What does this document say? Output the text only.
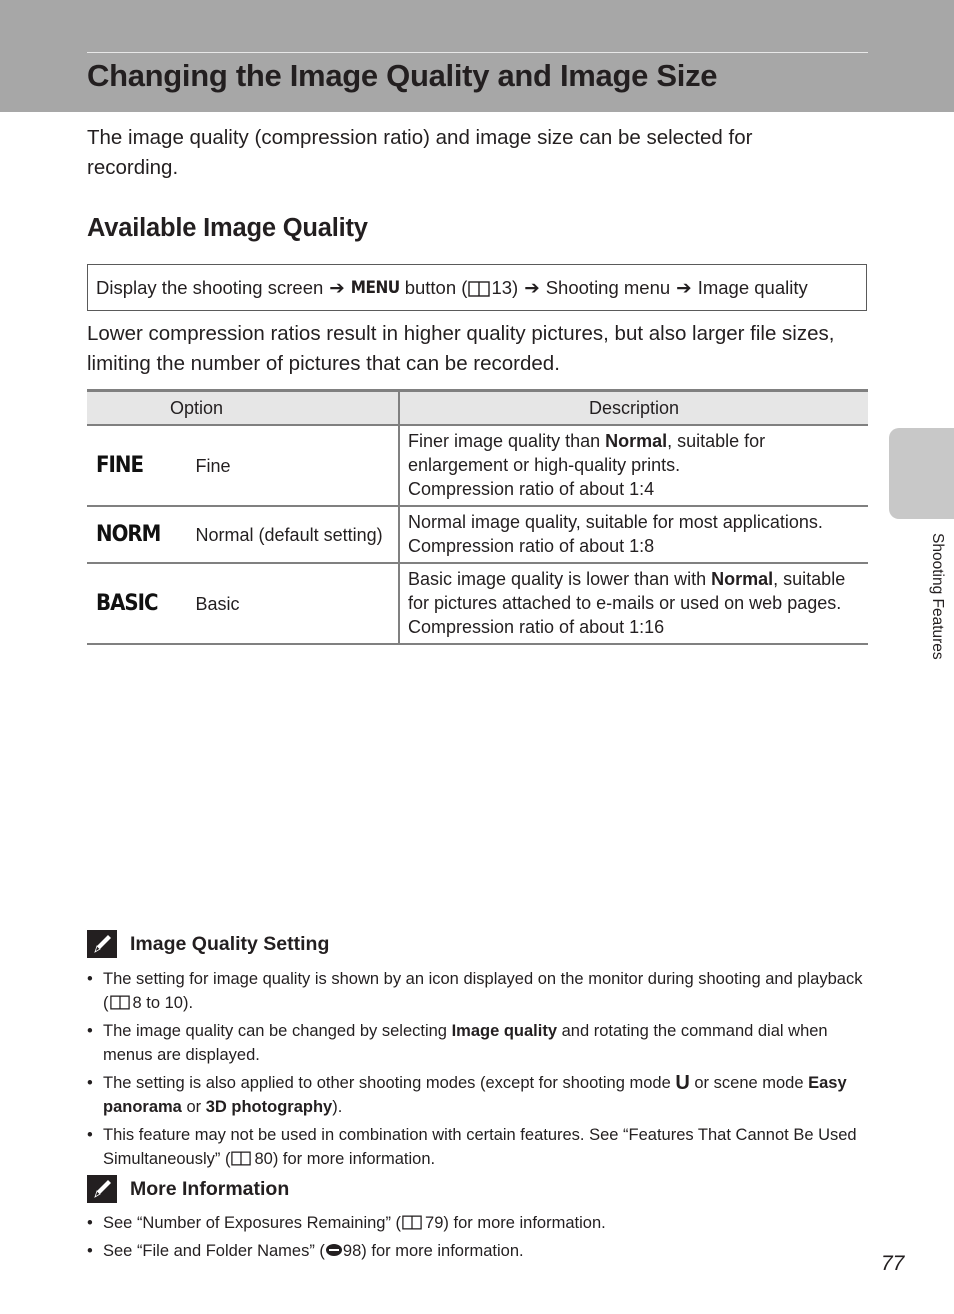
Changing the Image Quality and Image Size

The image quality (compression ratio) and image size can be selected for recording.

Available Image Quality
Display the shooting screen ➔ MENU button ( 13) ➔ Shooting menu ➔ Image quality

Lower compression ratios result in higher quality pictures, but also larger file sizes, limiting the number of pictures that can be recorded.

Option		Description
FINE	Fine	Finer image quality than Normal, suitable for enlargement or high-quality prints.
Compression ratio of about 1:4
NORM	Normal (default setting)	Normal image quality, suitable for most applications.
Compression ratio of about 1:8
BASIC	Basic	Basic image quality is lower than with Normal, suitable for pictures attached to e-mails or used on web pages.
Compression ratio of about 1:16	Shooting Features
Image Quality Setting
• The setting for image quality is shown by an icon displayed on the monitor during shooting and playback ( 8 to 10).
• The image quality can be changed by selecting Image quality and rotating the command dial when menus are displayed.
• The setting is also applied to other shooting modes (except for shooting mode U or scene mode Easy panorama or 3D photography).
• This feature may not be used in combination with certain features. See “Features That Cannot Be Used Simultaneously” ( 80) for more information.
More Information
• See “Number of Exposures Remaining” ( 79) for more information.
• See “File and Folder Names” ( 98) for more information.
77
